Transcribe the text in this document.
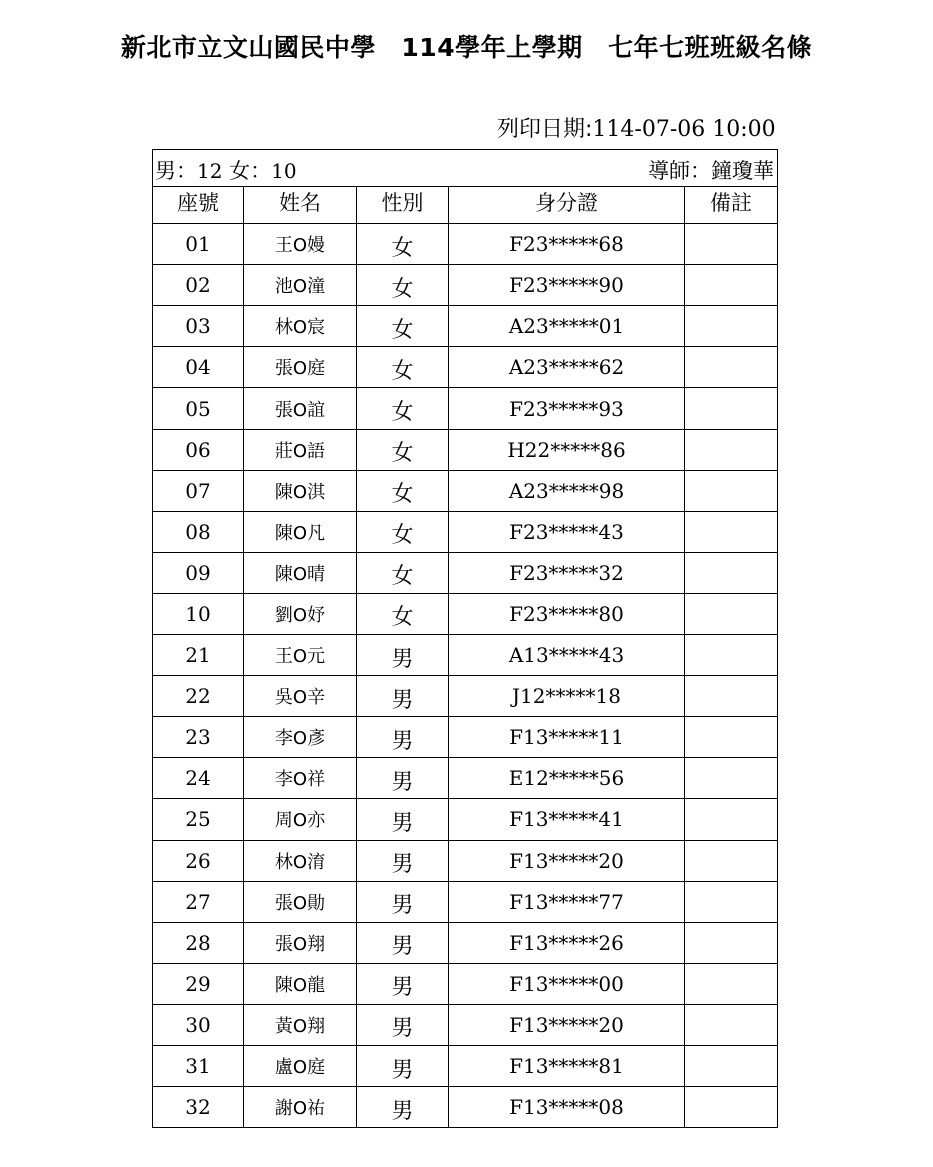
新北市立文山國民中學　114學年上學期　七年七班班級名條
列印日期:114-07-06 10:00
男：12 女：10 導師：鐘瓊華				

座號	姓名	性別	身分證	備註
01	王O嫚	女	F23*****68	
02	池O潼	女	F23*****90	
03	林O宸	女	A23*****01	
04	張O庭	女	A23*****62	
05	張O誼	女	F23*****93	
06	莊O語	女	H22*****86	
07	陳O淇	女	A23*****98	
08	陳O凡	女	F23*****43	
09	陳O晴	女	F23*****32	
10	劉O妤	女	F23*****80	
21	王O元	男	A13*****43	
22	吳O辛	男	J12*****18	
23	李O彥	男	F13*****11	
24	李O祥	男	E12*****56	
25	周O亦	男	F13*****41	
26	林O淯	男	F13*****20	
27	張O勛	男	F13*****77	
28	張O翔	男	F13*****26	
29	陳O龍	男	F13*****00	
30	黃O翔	男	F13*****20	
31	盧O庭	男	F13*****81	
32	謝O祐	男	F13*****08	
